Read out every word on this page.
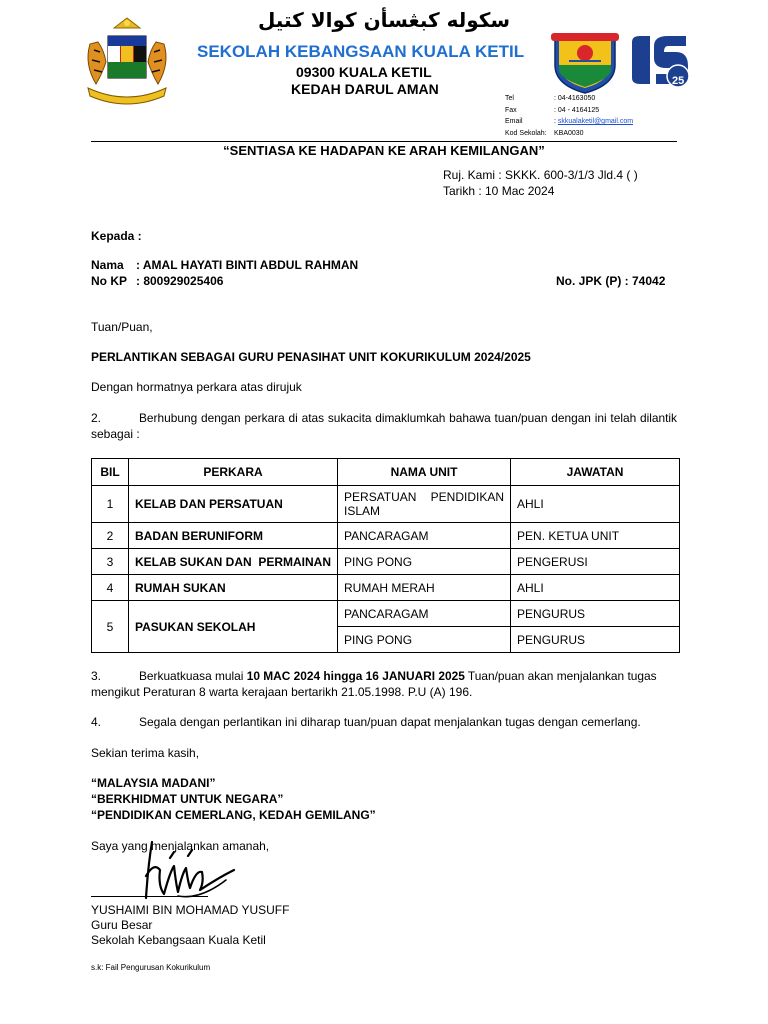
سكوله كبڠسأن كوالا كتيل
SEKOLAH KEBANGSAAN KUALA KETIL
09300 KUALA KETIL
KEDAH DARUL AMAN	25
Tel	: 04-4163050
Fax	: 04 - 4164125
Email	: skkualaketil@gmail.com
Kod Sekolah:	KBA0030
“SENTIASA KE HADAPAN KE ARAH KEMILANGAN”
Ruj. Kami : SKKK. 600-3/1/3 Jld.4 ( )
Tarikh : 10 Mac 2024
Kepada :
Nama : AMAL HAYATI BINTI ABDUL RAHMAN
No KP : 800929025406	No. JPK (P) : 74042
Tuan/Puan,
PERLANTIKAN SEBAGAI GURU PENASIHAT UNIT KOKURIKULUM 2024/2025
Dengan hormatnya perkara atas dirujuk
2.	Berhubung dengan perkara di atas sukacita dimaklumkah bahawa tuan/puan dengan ini telah dilantik
sebagai :
BIL	PERKARA	NAMA UNIT	JAWATAN
1	KELAB DAN PERSATUAN	PERSATUAN PENDIDIKAN ISLAM	AHLI
2	BADAN BERUNIFORM	PANCARAGAM	PEN. KETUA UNIT
3	KELAB SUKAN DAN  PERMAINAN	PING PONG	PENGERUSI
4	RUMAH SUKAN	RUMAH MERAH	AHLI
5	PASUKAN SEKOLAH	PANCARAGAM	PENGURUS
		PING PONG	PENGURUS
3.	Berkuatkuasa mulai 10 MAC 2024 hingga 16 JANUARI 2025 Tuan/puan akan menjalankan tugas
mengikut Peraturan 8 warta kerajaan bertarikh 21.05.1998. P.U (A) 196.
4.	Segala dengan perlantikan ini diharap tuan/puan dapat menjalankan tugas dengan cemerlang.
Sekian terima kasih,
“MALAYSIA MADANI”
“BERKHIDMAT UNTUK NEGARA”
“PENDIDIKAN CEMERLANG, KEDAH GEMILANG”
Saya yang menjalankan amanah,
YUSHAIMI BIN MOHAMAD YUSUFF
Guru Besar
Sekolah Kebangsaan Kuala Ketil
s.k: Fail Pengurusan Kokurikulum
